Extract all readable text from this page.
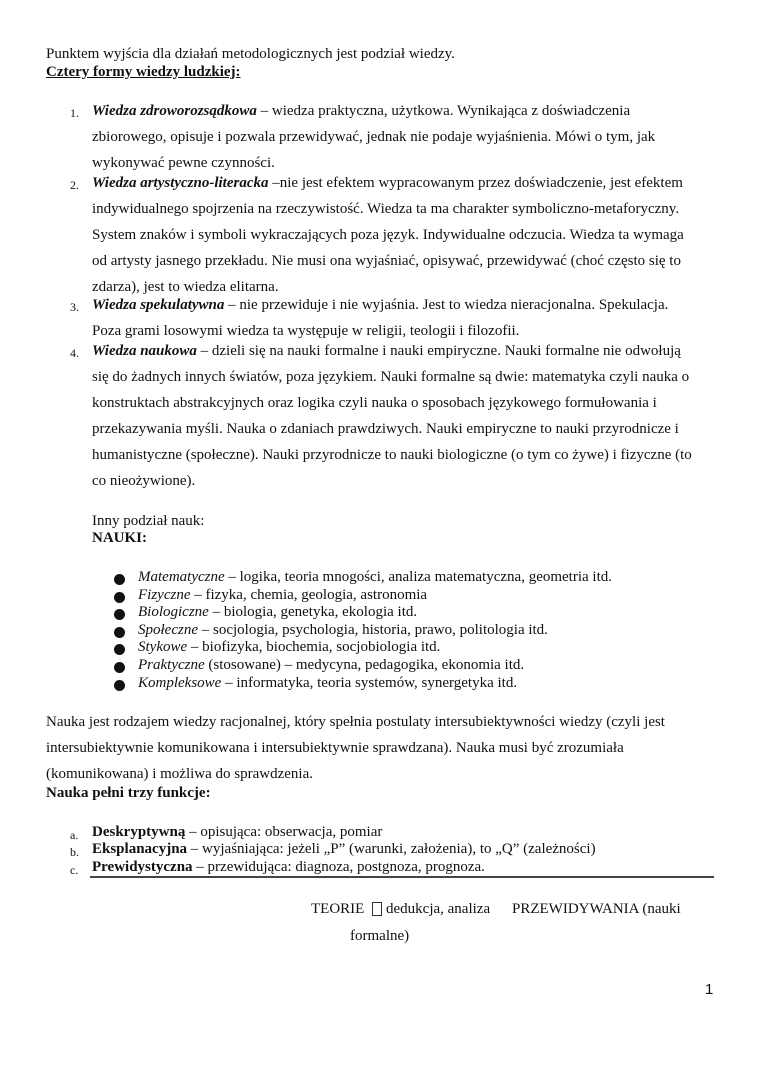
Punktem wyjścia dla działań metodologicznych jest podział wiedzy.
Cztery formy wiedzy ludzkiej:
1. Wiedza zdroworozsądkowa – wiedza praktyczna, użytkowa. Wynikająca z doświadczenia
zbiorowego, opisuje i pozwala przewidywać, jednak nie podaje wyjaśnienia. Mówi o tym, jak
wykonywać pewne czynności.
2. Wiedza artystyczno-literacka –nie jest efektem wypracowanym przez doświadczenie, jest efektem
indywidualnego spojrzenia na rzeczywistość. Wiedza ta ma charakter symboliczno-metaforyczny.
System znaków i symboli wykraczających poza język. Indywidualne odczucia. Wiedza ta wymaga
od artysty jasnego przekładu. Nie musi ona wyjaśniać, opisywać, przewidywać (choć często się to
zdarza), jest to wiedza elitarna.
3. Wiedza spekulatywna – nie przewiduje i nie wyjaśnia. Jest to wiedza nieracjonalna. Spekulacja.
Poza grami losowymi wiedza ta występuje w religii, teologii i filozofii.
4. Wiedza naukowa – dzieli się na nauki formalne i nauki empiryczne. Nauki formalne nie odwołują
się do żadnych innych światów, poza językiem. Nauki formalne są dwie: matematyka czyli nauka o
konstruktach abstrakcyjnych oraz logika czyli nauka o sposobach językowego formułowania i
przekazywania myśli. Nauka o zdaniach prawdziwych. Nauki empiryczne to nauki przyrodnicze i
humanistyczne (społeczne). Nauki przyrodnicze to nauki biologiczne (o tym co żywe) i fizyczne (to
co nieożywione).
Inny podział nauk:
NAUKI:
Matematyczne – logika, teoria mnogości, analiza matematyczna, geometria itd.
Fizyczne – fizyka, chemia, geologia, astronomia
Biologiczne – biologia, genetyka, ekologia itd.
Społeczne – socjologia, psychologia, historia, prawo, politologia itd.
Stykowe – biofizyka, biochemia, socjobiologia itd.
Praktyczne (stosowane) – medycyna, pedagogika, ekonomia itd.
Kompleksowe – informatyka, teoria systemów, synergetyka itd.
Nauka jest rodzajem wiedzy racjonalnej, który spełnia postulaty intersubiektywności wiedzy (czyli jest
intersubiektywnie komunikowana i intersubiektywnie sprawdzana). Nauka musi być zrozumiała
(komunikowana) i możliwa do sprawdzenia.
Nauka pełni trzy funkcje:
a. Deskryptywną – opisująca: obserwacja, pomiar
b. Eksplanacyjna – wyjaśniająca: jeżeli „P” (warunki, założenia), to „Q” (zależności)
c. Prewidystyczna – przewidująca: diagnoza, postgnoza, prognoza.
TEORIE dedukcja, analiza PRZEWIDYWANIA (nauki
formalne)
1
